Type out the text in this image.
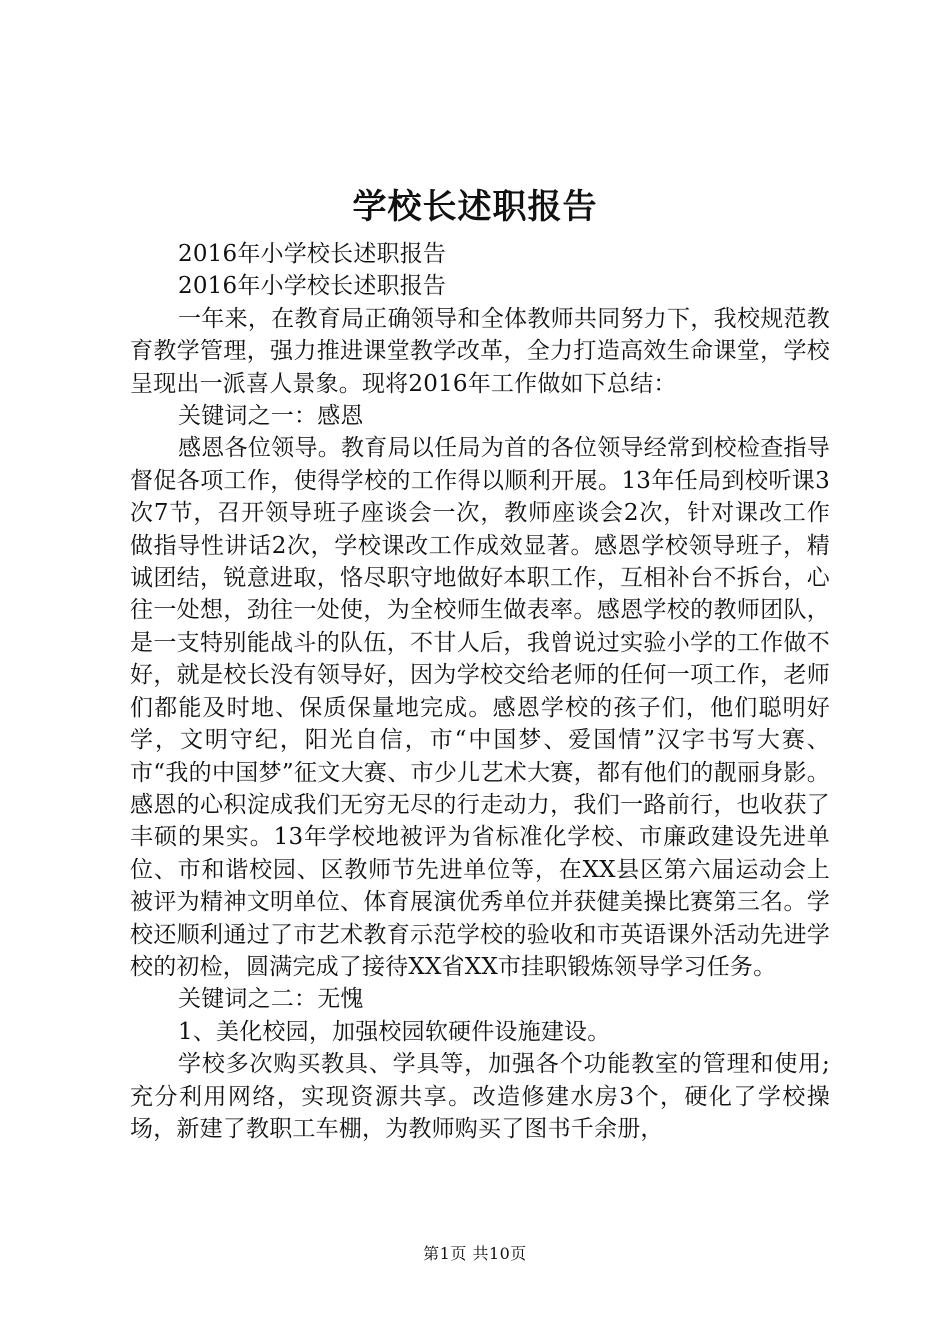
学校长述职报告

2016年小学校长述职报告

2016年小学校长述职报告

一年来，在教育局正确领导和全体教师共同努力下，我校规范教育教学管理，强力推进课堂教学改革，全力打造高效生命课堂，学校呈现出一派喜人景象。现将2016年工作做如下总结：

关键词之一：感恩

感恩各位领导。教育局以任局为首的各位领导经常到校检查指导督促各项工作，使得学校的工作得以顺利开展。13年任局到校听课3次7节，召开领导班子座谈会一次，教师座谈会2次，针对课改工作做指导性讲话2次，学校课改工作成效显著。感恩学校领导班子，精诚团结，锐意进取，恪尽职守地做好本职工作，互相补台不拆台，心往一处想，劲往一处使，为全校师生做表率。感恩学校的教师团队，是一支特别能战斗的队伍，不甘人后，我曾说过实验小学的工作做不好，就是校长没有领导好，因为学校交给老师的任何一项工作，老师们都能及时地、保质保量地完成。感恩学校的孩子们，他们聪明好学，文明守纪，阳光自信，市“中国梦、爱国情”汉字书写大赛、市“我的中国梦”征文大赛、市少儿艺术大赛，都有他们的靓丽身影。感恩的心积淀成我们无穷无尽的行走动力，我们一路前行，也收获了丰硕的果实。13年学校地被评为省标准化学校、市廉政建设先进单位、市和谐校园、区教师节先进单位等，在XX县区第六届运动会上被评为精神文明单位、体育展演优秀单位并获健美操比赛第三名。学校还顺利通过了市艺术教育示范学校的验收和市英语课外活动先进学校的初检，圆满完成了接待XX省XX市挂职锻炼领导学习任务。

关键词之二：无愧

1、美化校园，加强校园软硬件设施建设。

学校多次购买教具、学具等，加强各个功能教室的管理和使用;充分利用网络，实现资源共享。改造修建水房3个，硬化了学校操场，新建了教职工车棚，为教师购买了图书千余册，

第1页 共10页
